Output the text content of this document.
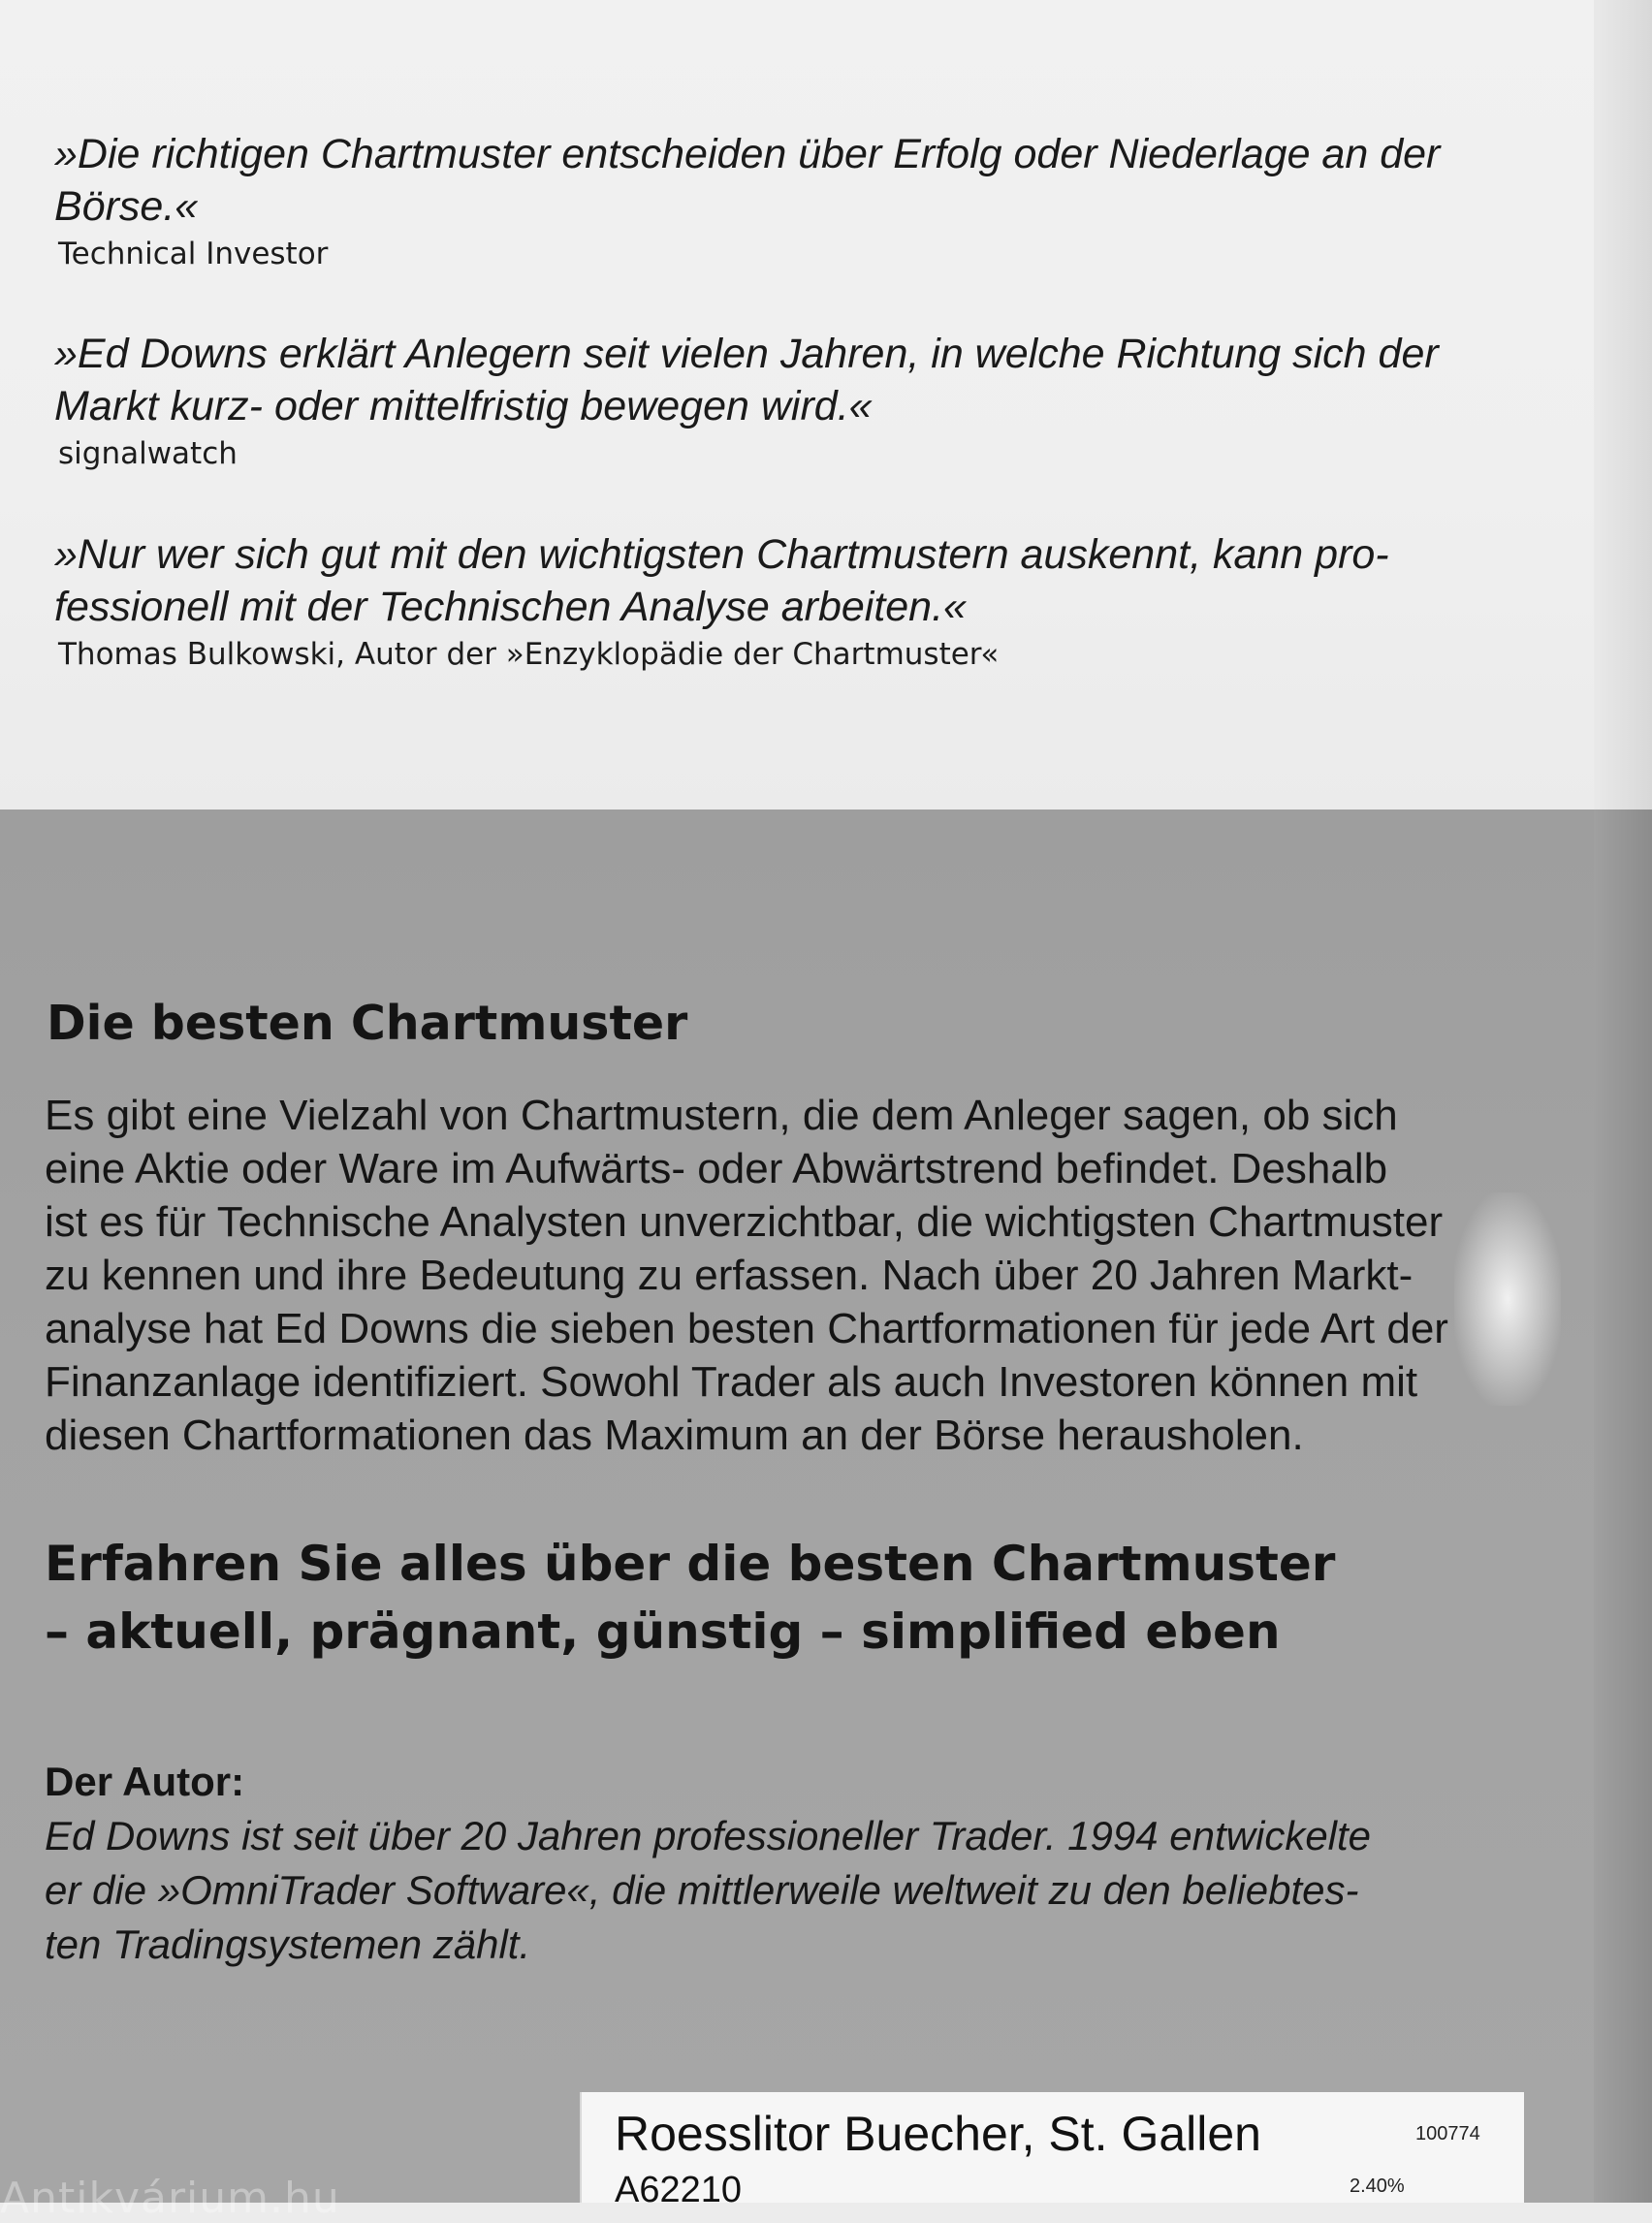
»Die richtigen Chartmuster entscheiden über Erfolg oder Niederlage an der
Börse.«

Technical Investor

»Ed Downs erklärt Anlegern seit vielen Jahren, in welche Richtung sich der
Markt kurz- oder mittelfristig bewegen wird.«

signalwatch

»Nur wer sich gut mit den wichtigsten Chartmustern auskennt, kann pro-
fessionell mit der Technischen Analyse arbeiten.«

Thomas Bulkowski, Autor der »Enzyklopädie der Chartmuster«

Die besten Chartmuster

Es gibt eine Vielzahl von Chartmustern, die dem Anleger sagen, ob sich
eine Aktie oder Ware im Aufwärts- oder Abwärtstrend befindet. Deshalb
ist es für Technische Analysten unverzichtbar, die wichtigsten Chartmuster
zu kennen und ihre Bedeutung zu erfassen. Nach über 20 Jahren Markt-
analyse hat Ed Downs die sieben besten Chartformationen für jede Art der
Finanzanlage identifiziert. Sowohl Trader als auch Investoren können mit
diesen Chartformationen das Maximum an der Börse herausholen.

Erfahren Sie alles über die besten Chartmuster
– aktuell, prägnant, günstig – simplified eben

Der Autor:

Ed Downs ist seit über 20 Jahren professioneller Trader. 1994 entwickelte
er die »OmniTrader Software«, die mittlerweile weltweit zu den beliebtes-
ten Tradingsystemen zählt.

Antikvárium.hu

Roesslitor Buecher, St. Gallen

A62210

100774

2.40%
